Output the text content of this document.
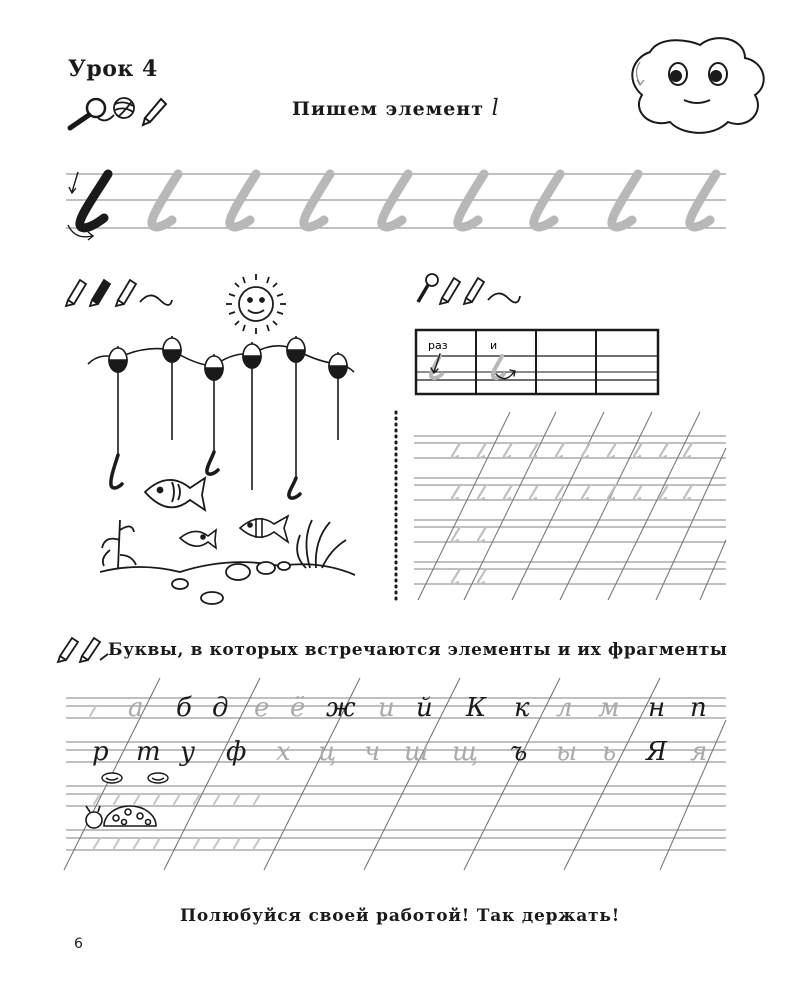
Урок 4
Пишем элемент l
а б д е ё ж и й К к л м н п
р т у ф х ц ч ш щ ъ ы ь Я я
раз	и
Буквы, в которых встречаются элементы и их фрагменты
Полюбуйся своей работой! Так держать!
6
